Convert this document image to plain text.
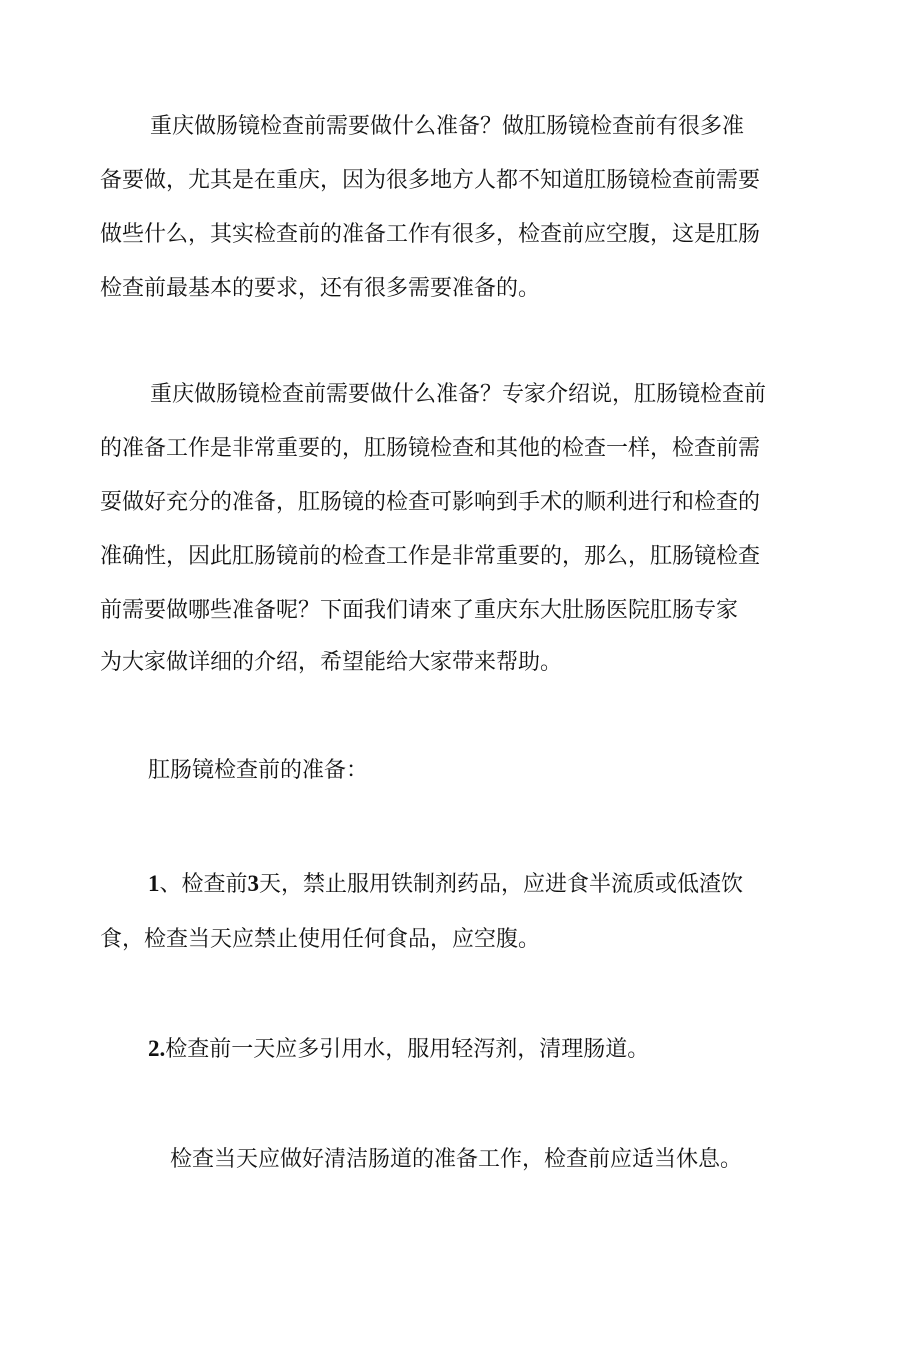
重庆做肠镜检查前需要做什么准备？做肛肠镜检查前有很多准
备要做，尤其是在重庆，因为很多地方人都不知道肛肠镜检查前需要
做些什么，其实检查前的准备工作有很多，检查前应空腹，这是肛肠
检查前最基本的要求，还有很多需要准备的。
重庆做肠镜检查前需要做什么准备？专家介绍说，肛肠镜检查前
的准备工作是非常重要的，肛肠镜检查和其他的检查一样，检查前需
耍做好充分的准备，肛肠镜的检查可影响到手术的顺利进行和检查的
准确性，因此肛肠镜前的检查工作是非常重要的，那么，肛肠镜检查
前需要做哪些准备呢？下面我们请來了重庆东大肚肠医院肛肠专家
为大家做详细的介绍，希望能给大家带来帮助。
肛肠镜检查前的准备：
1、检查前3天，禁止服用铁制剂药品，应进食半流质或低渣饮
食，检查当天应禁止使用任何食品，应空腹。
2.检查前一天应多引用水，服用轻泻剂，清理肠道。
检查当天应做好清洁肠道的准备工作，检查前应适当休息。
